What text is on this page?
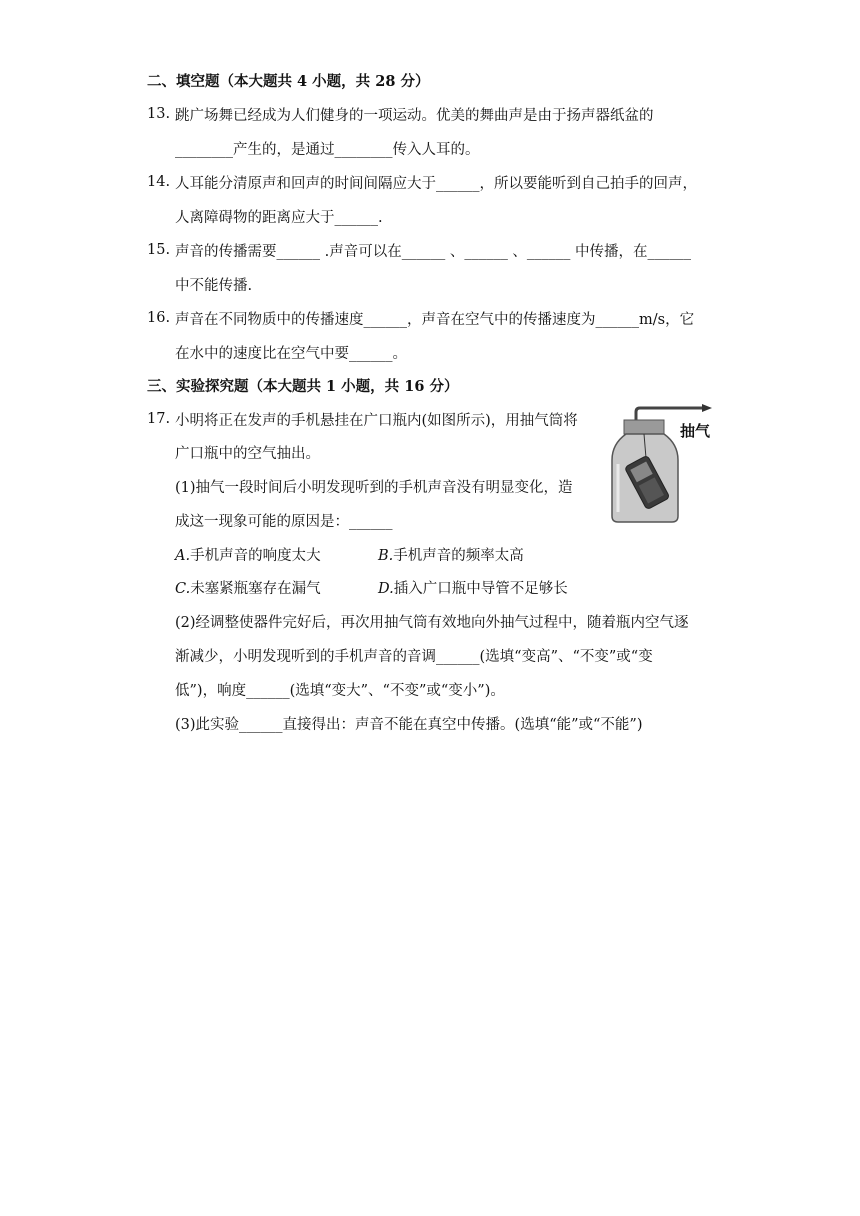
二、填空题（本大题共 4 小题，共 28 分）
13. 跳广场舞已经成为人们健身的一项运动。优美的舞曲声是由于扬声器纸盆的
________产生的，是通过________传入人耳的。
14. 人耳能分清原声和回声的时间间隔应大于______，所以要能听到自己拍手的回声，
人离障碍物的距离应大于______.
15. 声音的传播需要______ .声音可以在______ 、______ 、______ 中传播，在______
中不能传播.
16. 声音在不同物质中的传播速度______，声音在空气中的传播速度为______m/s，它
在水中的速度比在空气中要______。
三、实验探究题（本大题共 1 小题，共 16 分）
17. 小明将正在发声的手机悬挂在广口瓶内(如图所示)，用抽气筒将
广口瓶中的空气抽出。
(1)抽气一段时间后小明发现听到的手机声音没有明显变化，造
成这一现象可能的原因是：______
A.手机声音的响度太大	B.手机声音的频率太高
C.未塞紧瓶塞存在漏气	D.插入广口瓶中导管不足够长
(2)经调整使器件完好后，再次用抽气筒有效地向外抽气过程中，随着瓶内空气逐
渐减少，小明发现听到的手机声音的音调______(选填“变高”、“不变”或“变
低”)，响度______(选填“变大”、“不变”或“变小”)。
(3)此实验______直接得出：声音不能在真空中传播。(选填“能”或“不能”)
抽气
